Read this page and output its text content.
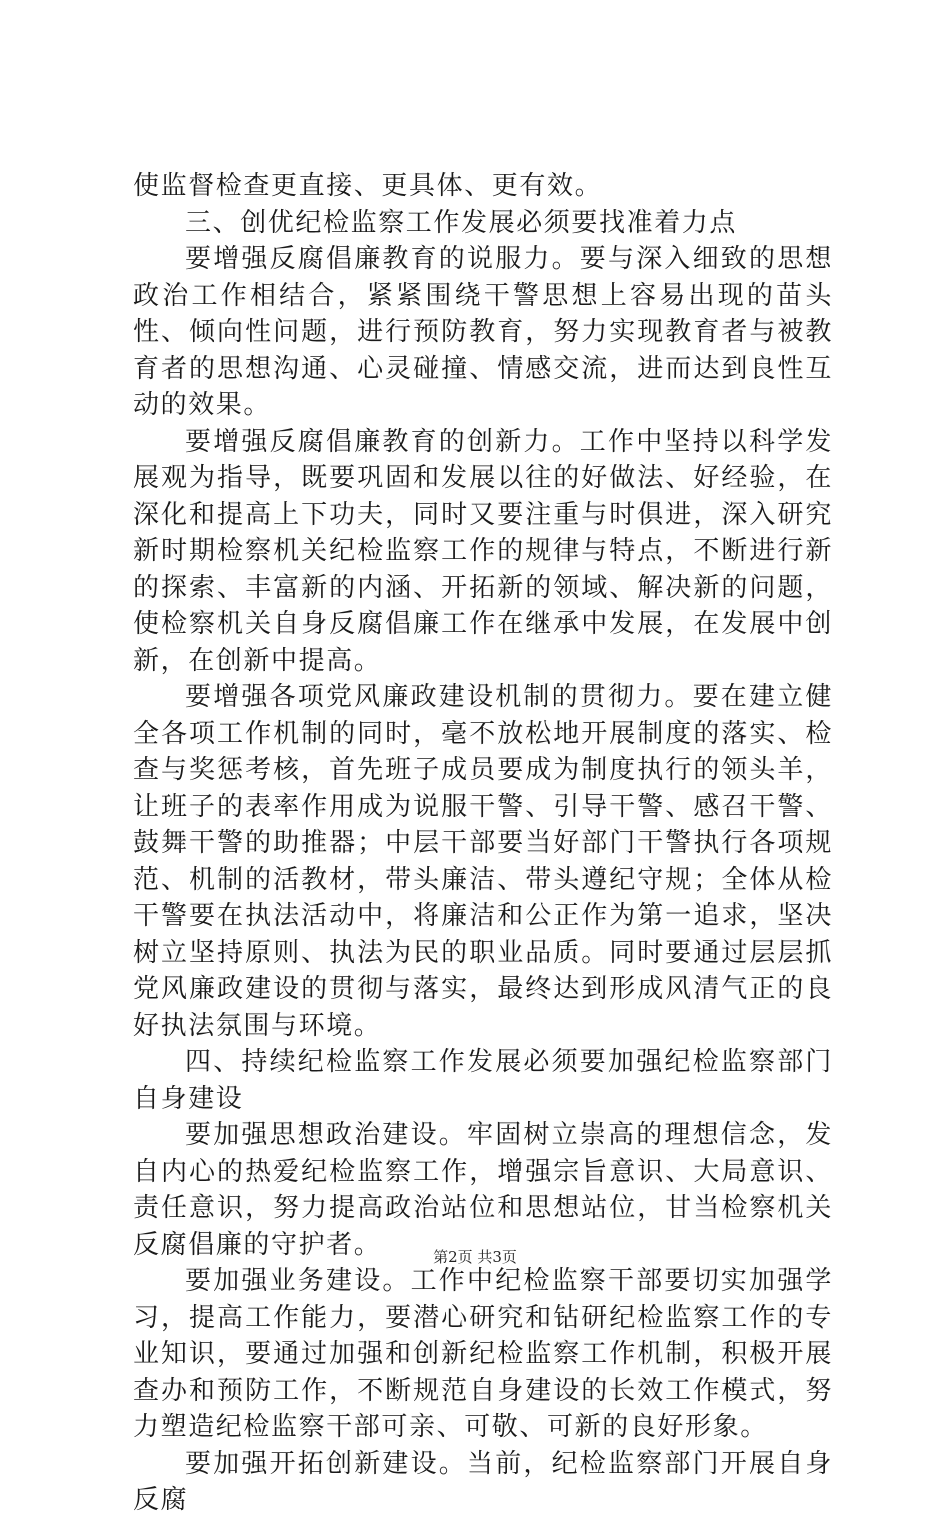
使监督检查更直接、更具体、更有效。

三、创优纪检监察工作发展必须要找准着力点

要增强反腐倡廉教育的说服力。要与深入细致的思想政治工作相结合，紧紧围绕干警思想上容易出现的苗头性、倾向性问题，进行预防教育，努力实现教育者与被教育者的思想沟通、心灵碰撞、情感交流，进而达到良性互动的效果。

要增强反腐倡廉教育的创新力。工作中坚持以科学发展观为指导，既要巩固和发展以往的好做法、好经验，在深化和提高上下功夫，同时又要注重与时俱进，深入研究新时期检察机关纪检监察工作的规律与特点，不断进行新的探索、丰富新的内涵、开拓新的领域、解决新的问题，使检察机关自身反腐倡廉工作在继承中发展，在发展中创新，在创新中提高。

要增强各项党风廉政建设机制的贯彻力。要在建立健全各项工作机制的同时，毫不放松地开展制度的落实、检查与奖惩考核，首先班子成员要成为制度执行的领头羊，让班子的表率作用成为说服干警、引导干警、感召干警、鼓舞干警的助推器；中层干部要当好部门干警执行各项规范、机制的活教材，带头廉洁、带头遵纪守规；全体从检干警要在执法活动中，将廉洁和公正作为第一追求，坚决树立坚持原则、执法为民的职业品质。同时要通过层层抓党风廉政建设的贯彻与落实，最终达到形成风清气正的良好执法氛围与环境。

四、持续纪检监察工作发展必须要加强纪检监察部门自身建设

要加强思想政治建设。牢固树立崇高的理想信念，发自内心的热爱纪检监察工作，增强宗旨意识、大局意识、责任意识，努力提高政治站位和思想站位，甘当检察机关反腐倡廉的守护者。

要加强业务建设。工作中纪检监察干部要切实加强学习，提高工作能力，要潜心研究和钻研纪检监察工作的专业知识，要通过加强和创新纪检监察工作机制，积极开展查办和预防工作，不断规范自身建设的长效工作模式，努力塑造纪检监察干部可亲、可敬、可新的良好形象。

要加强开拓创新建设。当前，纪检监察部门开展自身反腐

第2页 共3页
